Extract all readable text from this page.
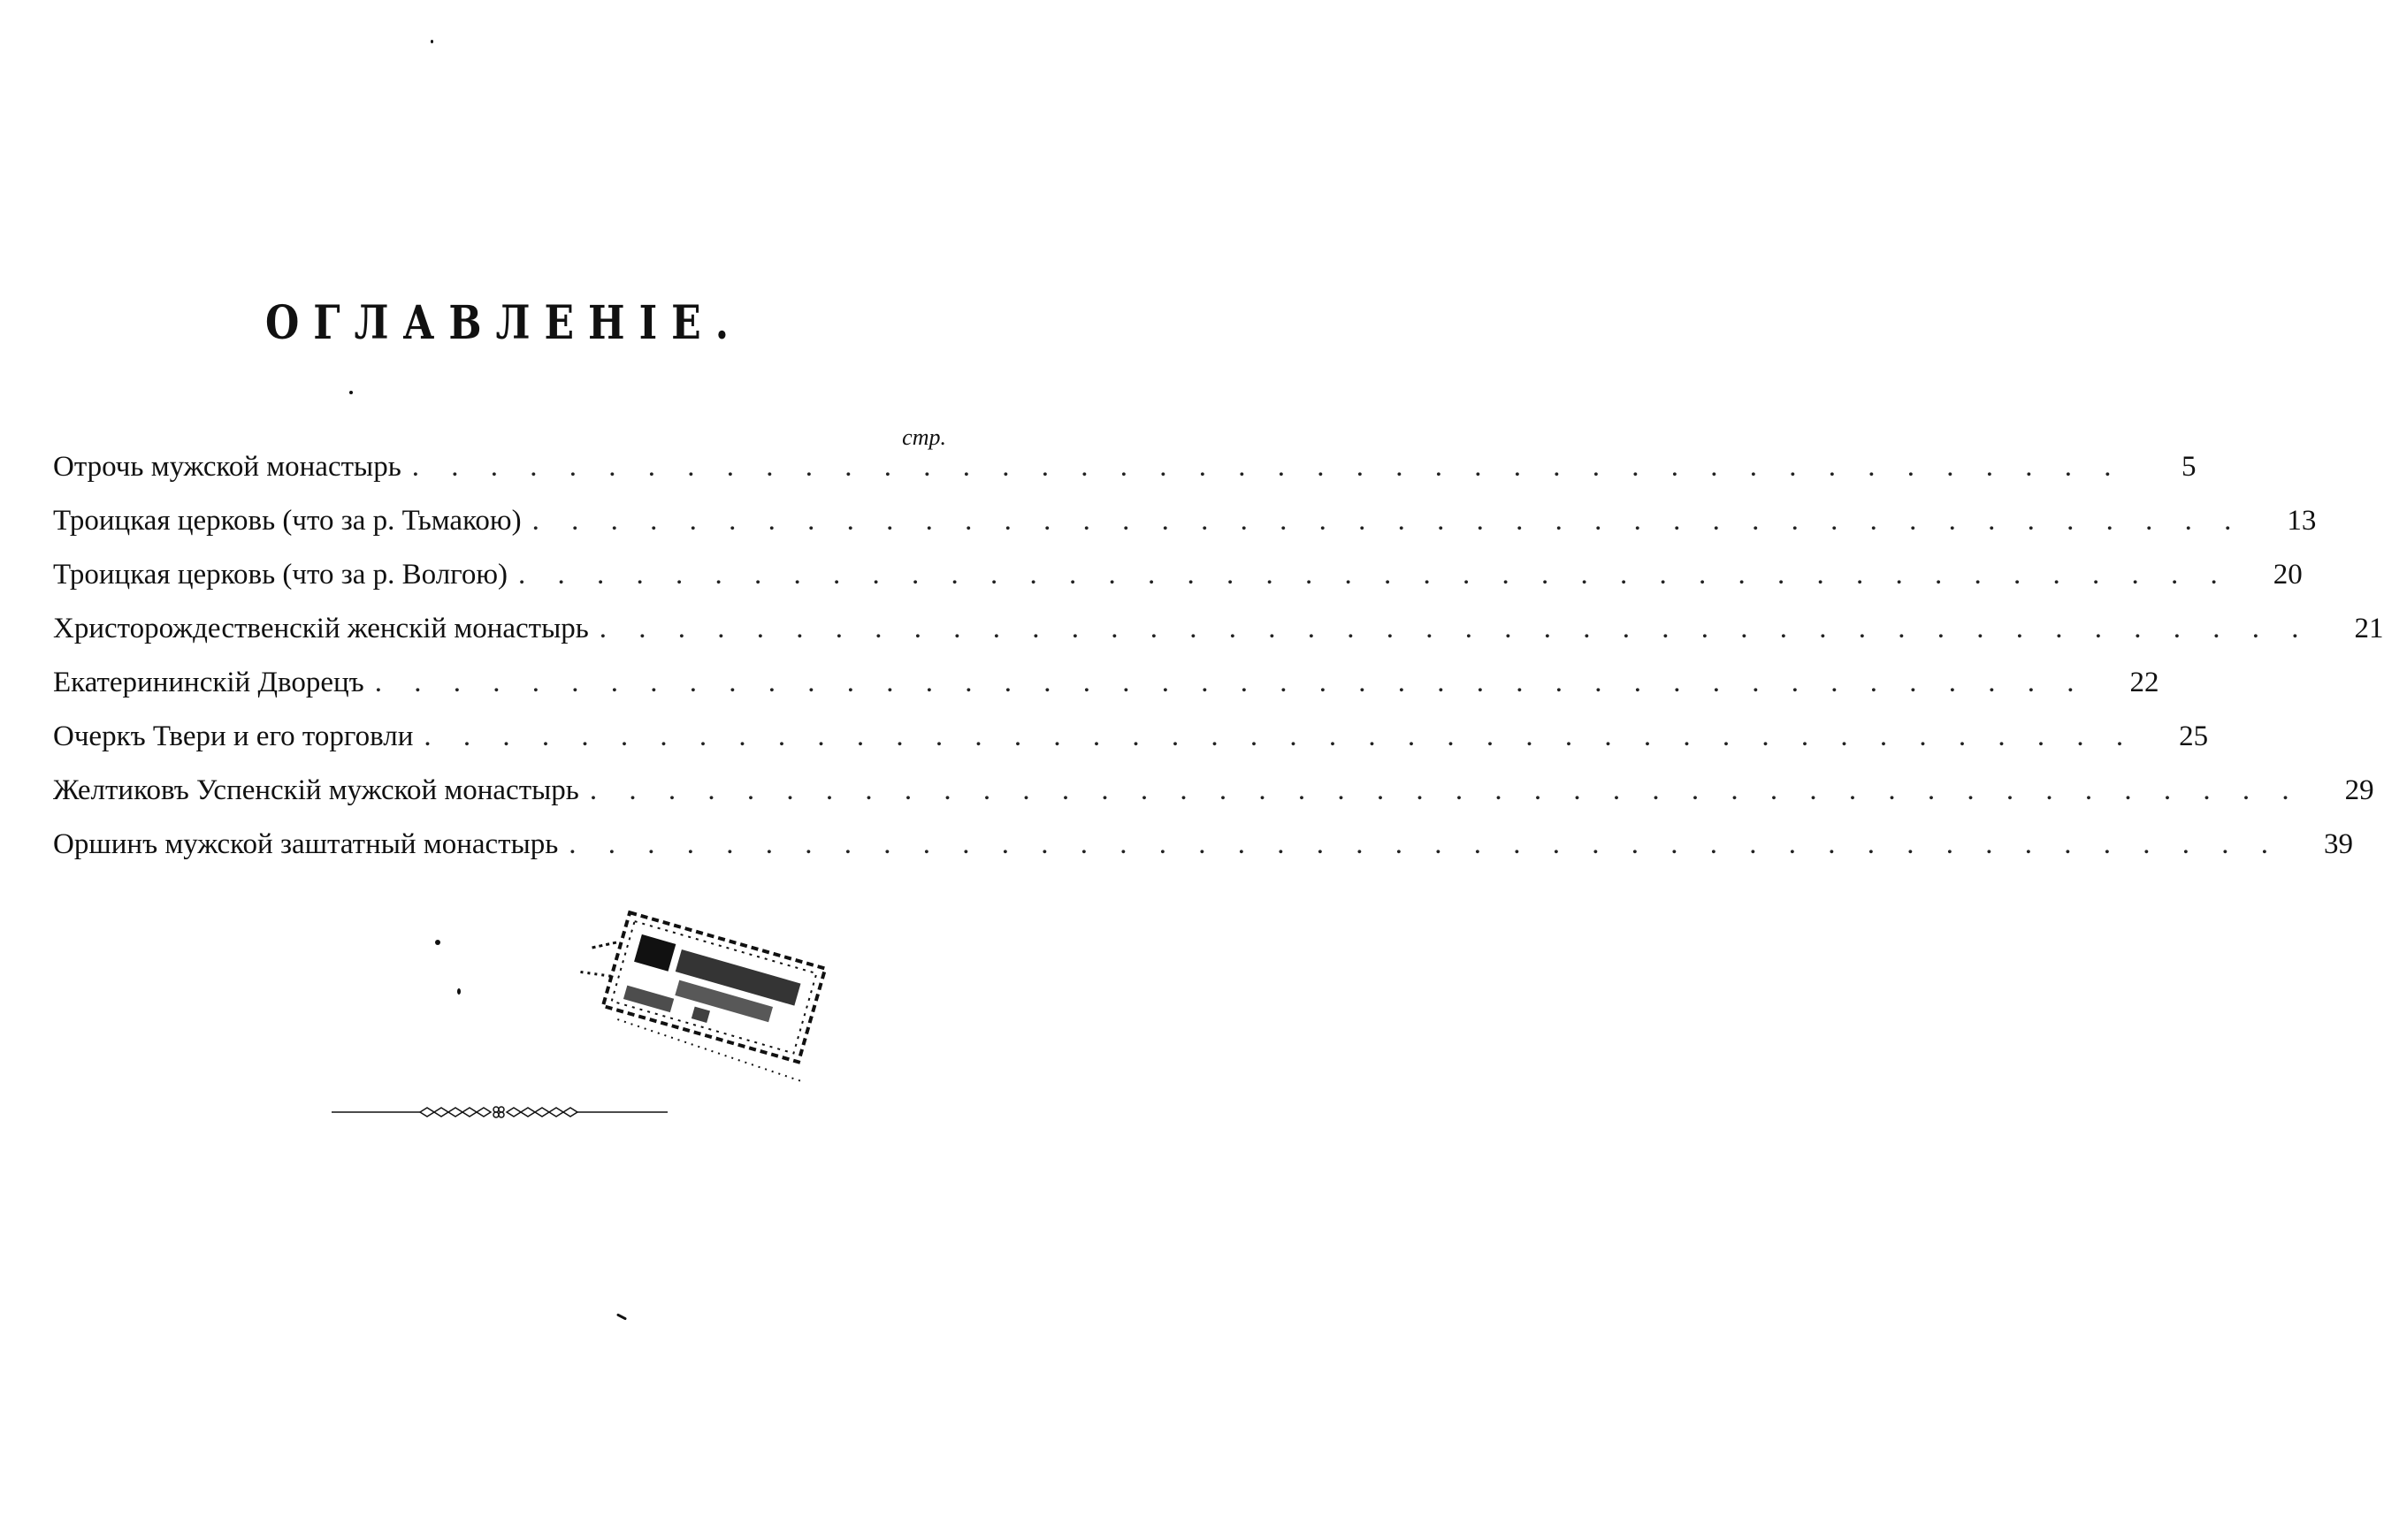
ОГЛАВЛЕНІЕ.
стр.
Отрочь мужской монастырь . . . . . . . . . . . . . . . . . . . . . . . . . . . . . . . . . . . . . . . . . . . .	5
Троицкая церковь (что за р. Тьмакою) . . . . . . . . . . . . . . . . . . . . . . . . . . . . . . . . . . . . . . . . . . . .	13
Троицкая церковь (что за р. Волгою) . . . . . . . . . . . . . . . . . . . . . . . . . . . . . . . . . . . . . . . . . . . .	20
Христорождественскій женскій монастырь . . . . . . . . . . . . . . . . . . . . . . . . . . . . . . . . . . . . . . . . . . . .	21
Екатерининскій Дворецъ . . . . . . . . . . . . . . . . . . . . . . . . . . . . . . . . . . . . . . . . . . . .	22
Очеркъ Твери и его торговли . . . . . . . . . . . . . . . . . . . . . . . . . . . . . . . . . . . . . . . . . . . .	25
Желтиковъ Успенскій мужской монастырь . . . . . . . . . . . . . . . . . . . . . . . . . . . . . . . . . . . . . . . . . . . .	29
Оршинъ мужской заштатный монастырь . . . . . . . . . . . . . . . . . . . . . . . . . . . . . . . . . . . . . . . . . . . .	39
